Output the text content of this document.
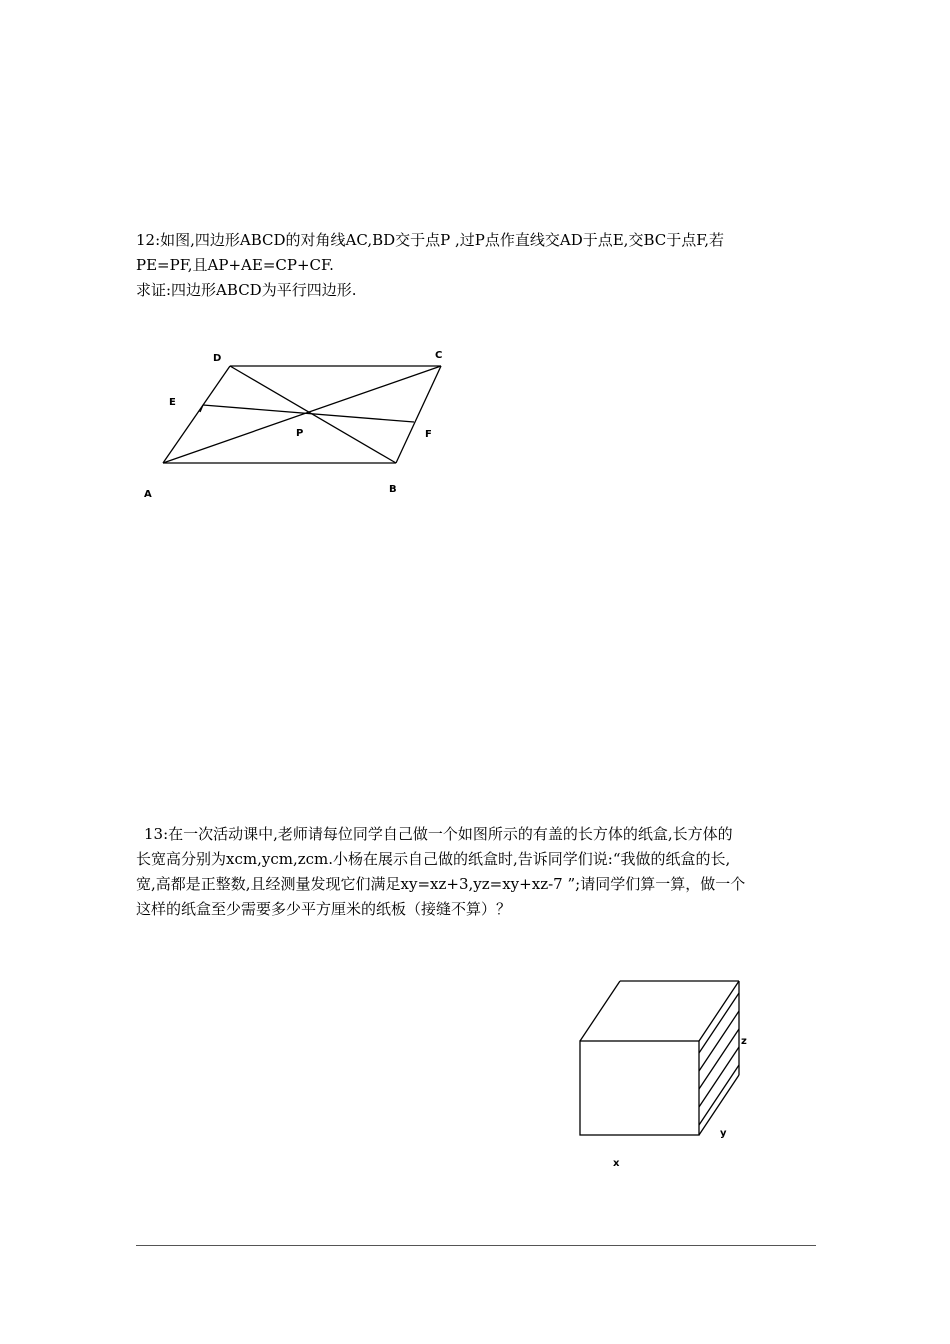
12:如图,四边形ABCD的对角线AC,BD交于点P ,过P点作直线交AD于点E,交BC于点F,若

PE=PF,且AP+AE=CP+CF.

求证:四边形ABCD为平行四边形.

D	C
E
P	F
A	B

13:在一次活动课中,老师请每位同学自己做一个如图所示的有盖的长方体的纸盒,长方体的

长宽高分别为xcm,ycm,zcm.小杨在展示自己做的纸盒时,告诉同学们说:“我做的纸盒的长,

宽,高都是正整数,且经测量发现它们满足xy=xz+3,yz=xy+xz-7 ”;请同学们算一算，做一个

这样的纸盒至少需要多少平方厘米的纸板（接缝不算）？

z
y
x
